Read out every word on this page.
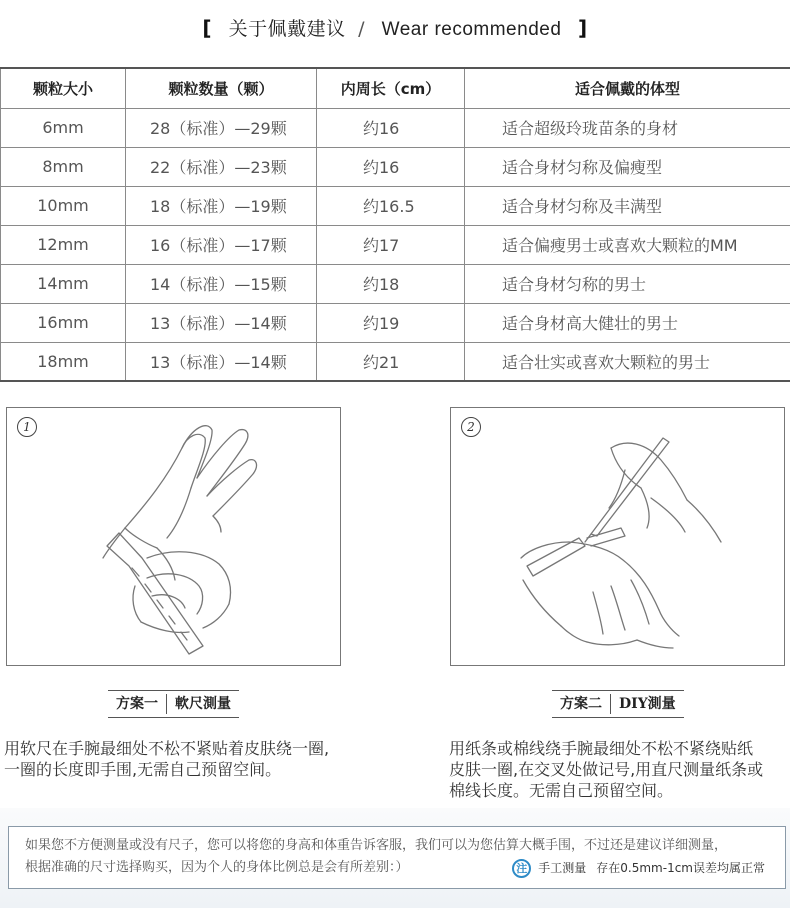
[ 关于佩戴建议 / Wear recommended ]
颗粒大小	颗粒数量（颗）	内周长（cm）	适合佩戴的体型
6mm	28（标准）—29颗	约16	适合超级玲珑苗条的身材
8mm	22（标准）—23颗	约16	适合身材匀称及偏瘦型
10mm	18（标准）—19颗	约16.5	适合身材匀称及丰满型
12mm	16（标准）—17颗	约17	适合偏瘦男士或喜欢大颗粒的MM
14mm	14（标准）—15颗	约18	适合身材匀称的男士
16mm	13（标准）—14颗	约19	适合身材高大健壮的男士
18mm	13（标准）—14颗	约21	适合壮实或喜欢大颗粒的男士
1	2
方案一	軟尺測量	方案二	DIY測量
用软尺在手腕最细处不松不紧贴着皮肤绕一圈,
一圈的长度即手围,无需自己预留空间。
用纸条或棉线绕手腕最细处不松不紧绕贴纸
皮肤一圈,在交叉处做记号,用直尺测量纸条或
棉线长度。无需自己预留空间。
如果您不方便测量或没有尺子，您可以将您的身高和体重告诉客服，我们可以为您估算大概手围，不过还是建议详细测量，
根据准确的尺寸选择购买，因为个人的身体比例总是会有所差别：）	注 手工测量 存在0.5mm-1cm误差均属正常
